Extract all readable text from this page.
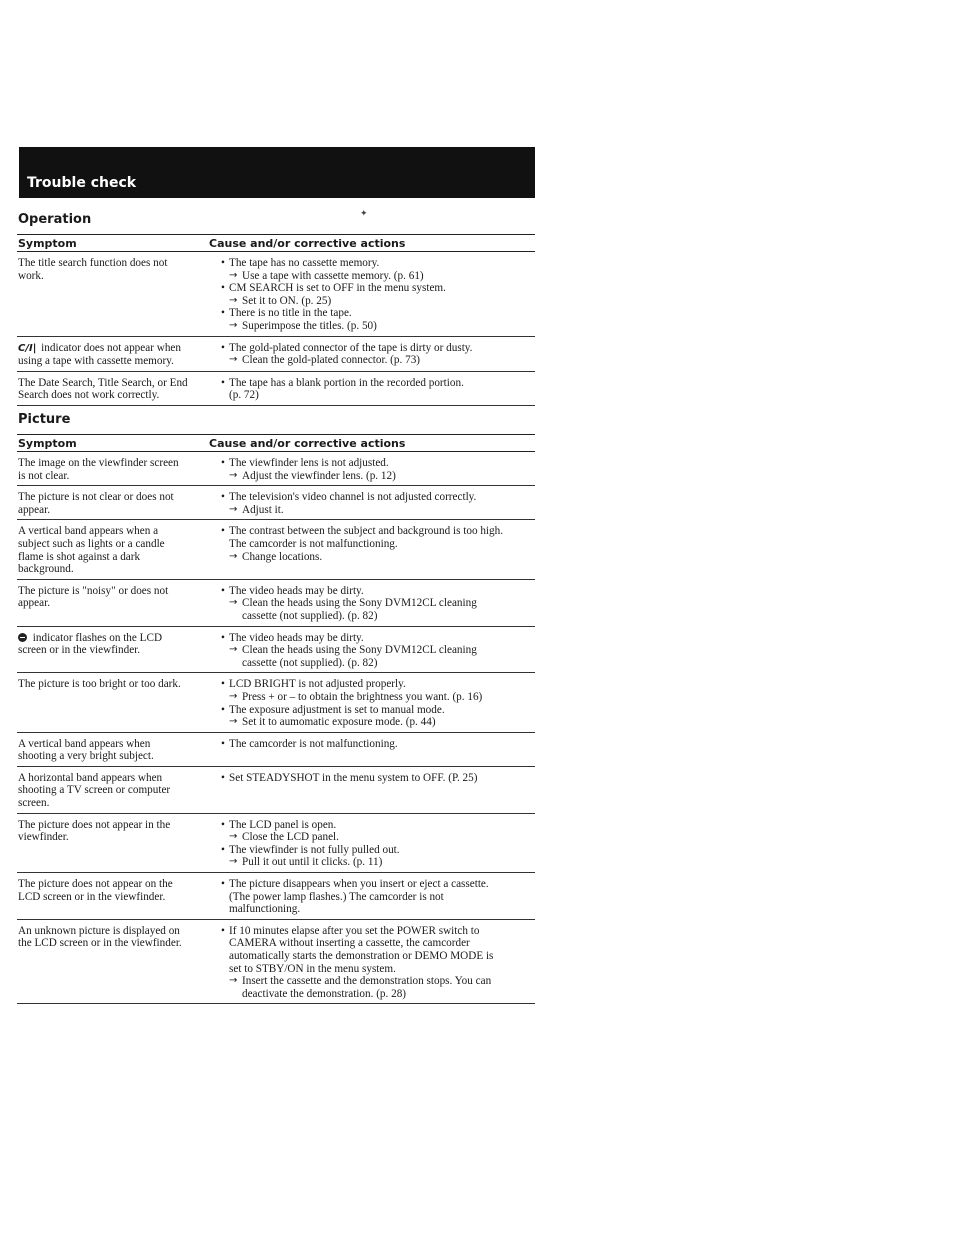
Trouble check
Operation
Symptom	Cause and/or corrective actions
The title search function does not
work.
• The tape has no cassette memory.
→ Use a tape with cassette memory. (p. 61)
• CM SEARCH is set to OFF in the menu system.
→ Set it to ON. (p. 25)
• There is no title in the tape.
→ Superimpose the titles. (p. 50)
C/I| indicator does not appear when
using a tape with cassette memory.
• The gold-plated connector of the tape is dirty or dusty.
→ Clean the gold-plated connector. (p. 73)
The Date Search, Title Search, or End
Search does not work correctly.
• The tape has a blank portion in the recorded portion.
(p. 72)
Picture
Symptom	Cause and/or corrective actions
The image on the viewfinder screen
is not clear.
• The viewfinder lens is not adjusted.
→ Adjust the viewfinder lens. (p. 12)
The picture is not clear or does not
appear.
• The television's video channel is not adjusted correctly.
→ Adjust it.
A vertical band appears when a
subject such as lights or a candle
flame is shot against a dark
background.
• The contrast between the subject and background is too high.
The camcorder is not malfunctioning.
→ Change locations.
The picture is "noisy" or does not
appear.
• The video heads may be dirty.
→ Clean the heads using the Sony DVM12CL cleaning
cassette (not supplied). (p. 82)
indicator flashes on the LCD
screen or in the viewfinder.
• The video heads may be dirty.
→ Clean the heads using the Sony DVM12CL cleaning
cassette (not supplied). (p. 82)
The picture is too bright or too dark.
•	LCD BRIGHT is not adjusted properly.
→ Press + or – to obtain the brightness you want. (p. 16)
• The exposure adjustment is set to manual mode.
→ Set it to aumomatic exposure mode. (p. 44)
A vertical band appears when
shooting a very bright subject.
• The camcorder is not malfunctioning.
A horizontal band appears when
shooting a TV screen or computer
screen.
• Set STEADYSHOT in the menu system to OFF. (P. 25)
The picture does not appear in the
viewfinder.
• The LCD panel is open.
→ Close the LCD panel.
• The viewfinder is not fully pulled out.
→ Pull it out until it clicks. (p. 11)
The picture does not appear on the
LCD screen or in the viewfinder.
• The picture disappears when you insert or eject a cassette.
(The power lamp flashes.) The camcorder is not
malfunctioning.
An unknown picture is displayed on
the LCD screen or in the viewfinder.
• If 10 minutes elapse after you set the POWER switch to
CAMERA without inserting a cassette, the camcorder
automatically starts the demonstration or DEMO MODE is
set to STBY/ON in the menu system.
→ Insert the cassette and the demonstration stops. You can
deactivate the demonstration. (p. 28)
✦
